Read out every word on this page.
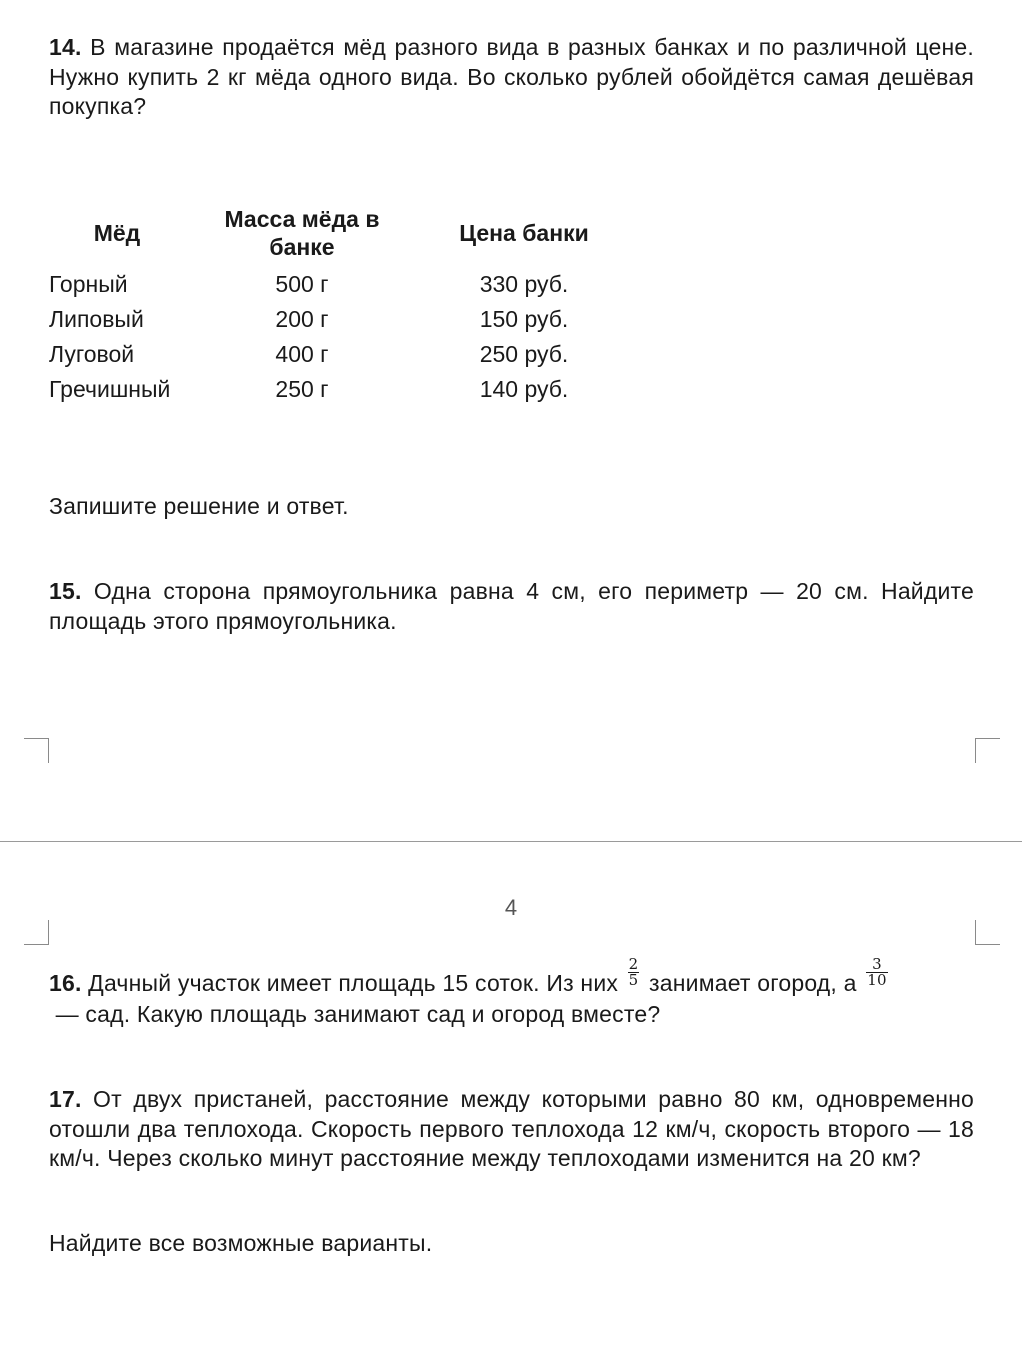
14. В магазине продаётся мёд разного вида в разных банках и по различной цене. Нужно купить 2 кг мёда одного вида. Во сколько рублей обойдётся самая дешёвая покупка?

Мёд	Масса мёда в банке	Цена банки
Горный	500 г	330 руб.
Липовый	200 г	150 руб.
Луговой	400 г	250 руб.

Гречишный	250 г	140 руб.

Запишите решение и ответ.

15. Одна сторона прямоугольника равна 4 см, его периметр — 20 см. Найдите площадь этого прямоугольника.

4

16. Дачный участок имеет площадь 15 соток. Из них $\frac{2}{5}$ занимает огород, а $\frac{3}{10}$

— сад. Какую площадь занимают сад и огород вместе?

17. От двух пристаней, расстояние между которыми равно 80 км, одновременно отошли два теплохода. Скорость первого теплохода 12 км/ч, скорость второго — 18 км/ч. Через сколько минут расстояние между теплоходами изменится на 20 км?

Найдите все возможные варианты.
